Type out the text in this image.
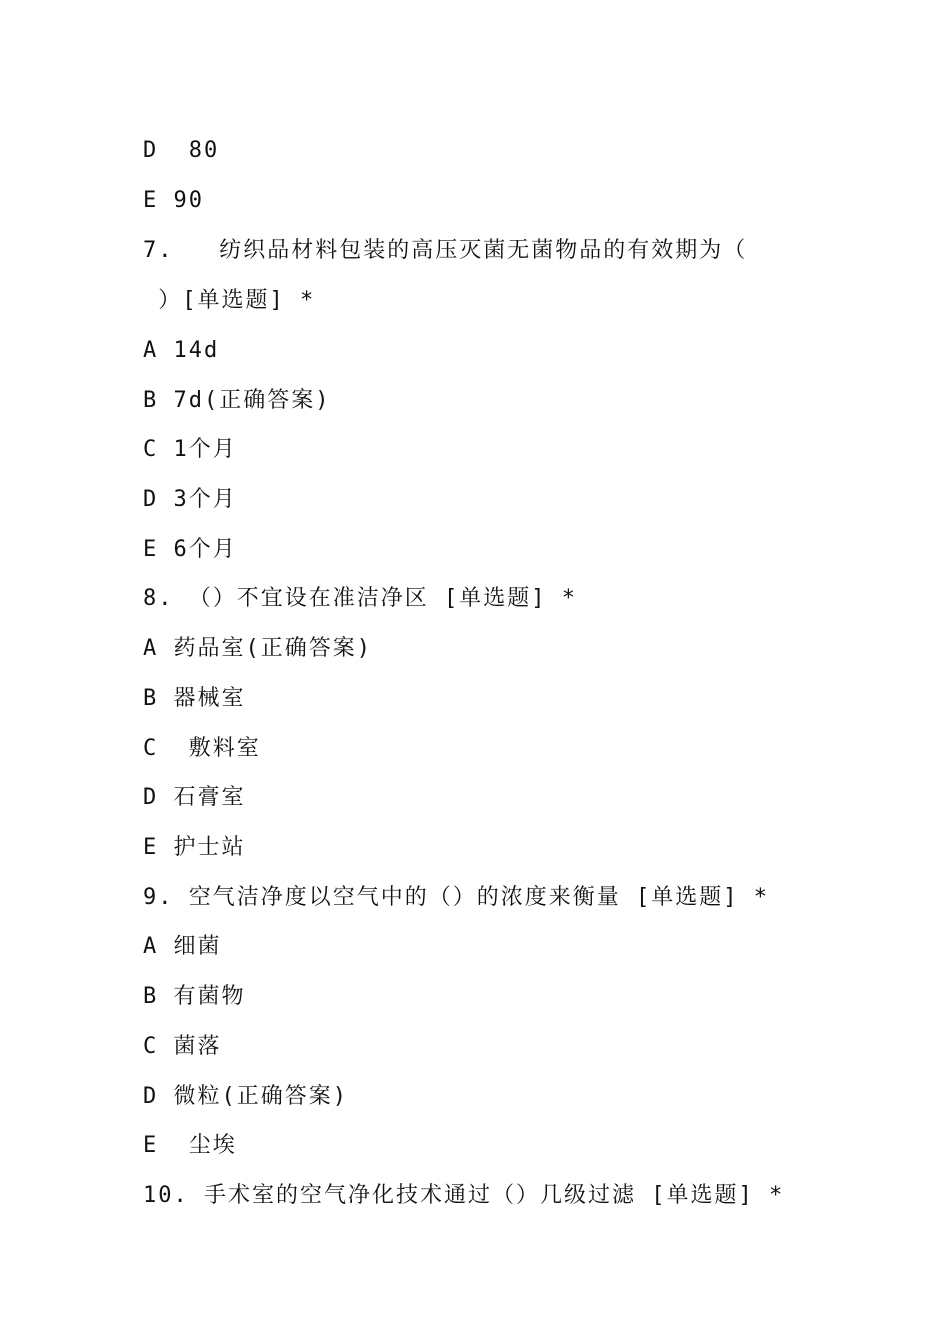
D  80
E 90
7.   纺织品材料包装的高压灭菌无菌物品的有效期为（
）[单选题] *
A 14d
B 7d(正确答案)
C 1个月
D 3个月
E 6个月
8. （）不宜设在准洁净区 [单选题] *
A 药品室(正确答案)
B 器械室
C  敷料室
D 石膏室
E 护士站
9. 空气洁净度以空气中的（）的浓度来衡量 [单选题] *
A 细菌
B 有菌物
C 菌落
D 微粒(正确答案)
E  尘埃
10. 手术室的空气净化技术通过（）几级过滤 [单选题] *
